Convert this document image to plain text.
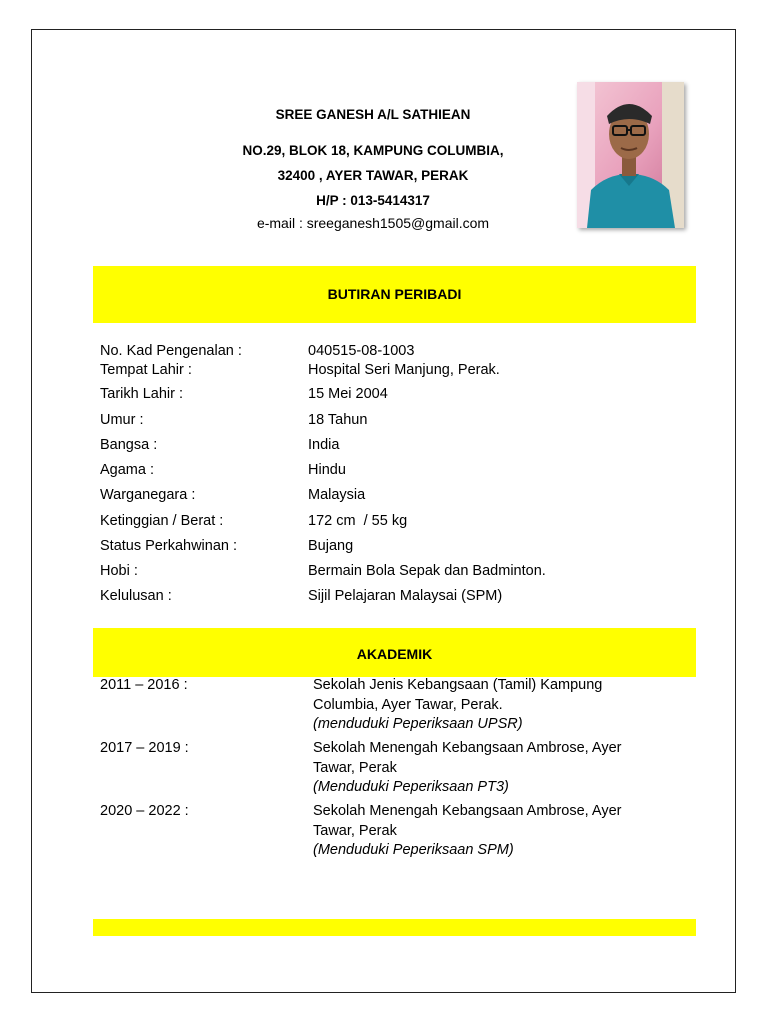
SREE GANESH A/L SATHIEAN
NO.29, BLOK 18, KAMPUNG COLUMBIA,
32400 , AYER TAWAR, PERAK
H/P : 013-5414317
e-mail : sreeganesh1505@gmail.com
BUTIRAN PERIBADI
No. Kad Pengenalan :	040515-08-1003
Tempat Lahir :	Hospital Seri Manjung, Perak.
Tarikh Lahir :	15 Mei 2004
Umur :	18 Tahun
Bangsa :	India
Agama :	Hindu
Warganegara :	Malaysia
Ketinggian / Berat :	172 cm  / 55 kg
Status Perkahwinan :	Bujang
Hobi :	Bermain Bola Sepak dan Badminton.
Kelulusan :	Sijil Pelajaran Malaysai (SPM)
AKADEMIK
2011 – 2016 :	Sekolah Jenis Kebangsaan (Tamil) Kampung Columbia, Ayer Tawar, Perak.
(menduduki Peperiksaan UPSR)
2017 – 2019 :	Sekolah Menengah Kebangsaan Ambrose, Ayer Tawar, Perak
(Menduduki Peperiksaan PT3)
2020 – 2022 :	Sekolah Menengah Kebangsaan Ambrose, Ayer Tawar, Perak
(Menduduki Peperiksaan SPM)
